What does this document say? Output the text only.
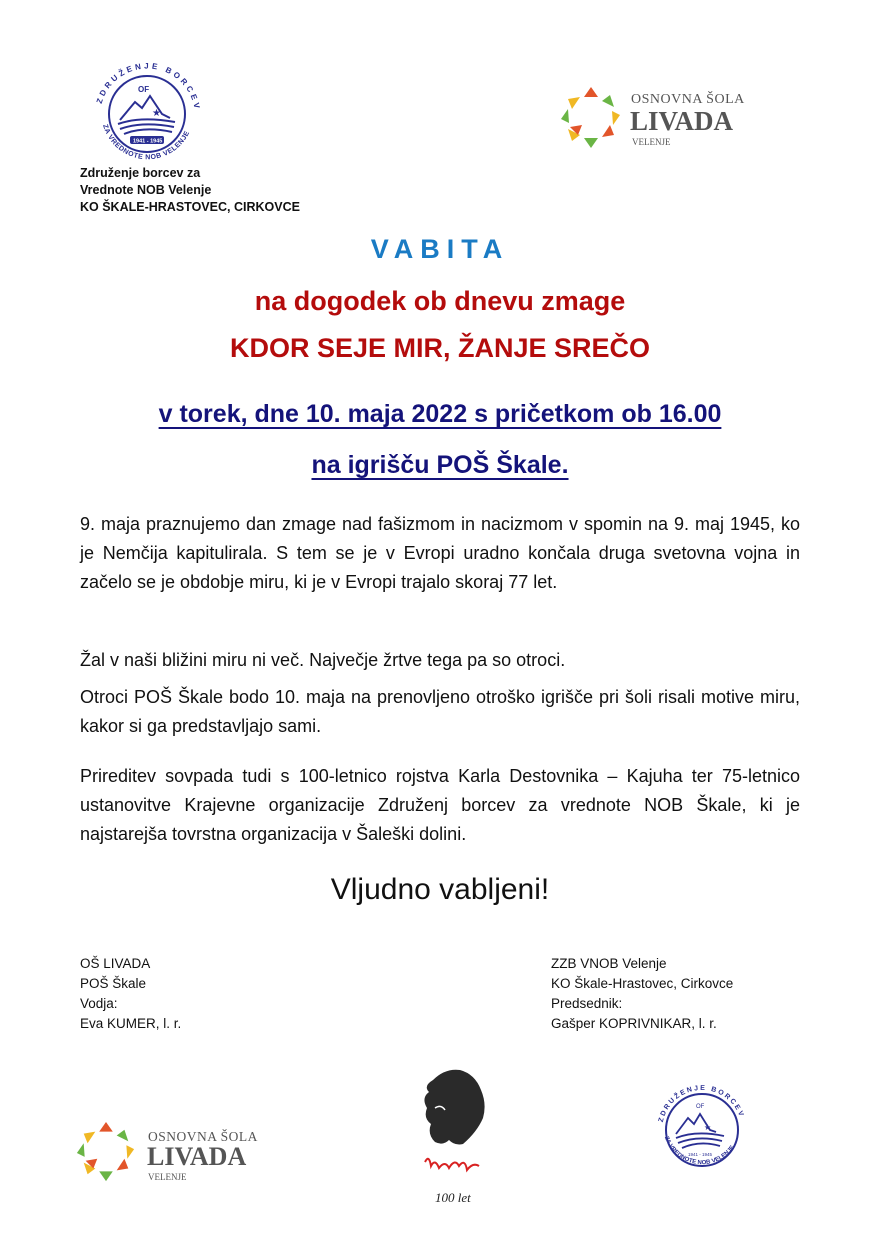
ZDRUŽENJE BORCEV
ZA VREDNOTE NOB VELENJE
OF
★
1941 - 1945
Združenje borcev za
Vrednote NOB Velenje
KO ŠKALE-HRASTOVEC, CIRKOVCE
OSNOVNA ŠOLA
LIVADA
VELENJE
VABITA
na dogodek ob dnevu zmage
KDOR SEJE MIR, ŽANJE SREČO
v torek, dne 10. maja 2022 s pričetkom ob 16.00
na igrišču POŠ Škale.
9. maja praznujemo dan zmage nad fašizmom in nacizmom v spomin na 9. maj 1945, ko je Nemčija kapitulirala. S tem se je v Evropi uradno končala druga svetovna vojna in začelo se je obdobje miru, ki je v Evropi trajalo skoraj 77 let.
Žal v naši bližini miru ni več. Največje žrtve tega pa so otroci.
Otroci POŠ Škale bodo 10. maja na prenovljeno otroško igrišče pri šoli risali motive miru, kakor si ga predstavljajo sami.
Prireditev sovpada tudi s 100-letnico rojstva Karla Destovnika – Kajuha ter 75-letnico ustanovitve Krajevne organizacije Združenj borcev za vrednote NOB Škale, ki je najstarejša tovrstna organizacija v Šaleški dolini.
Vljudno vabljeni!
OŠ LIVADA
POŠ Škale
Vodja:
Eva KUMER, l. r.
ZZB VNOB Velenje
KO Škale-Hrastovec, Cirkovce
Predsednik:
Gašper KOPRIVNIKAR, l. r.
OSNOVNA ŠOLA
LIVADA
VELENJE
100 let
ZDRUŽENJE BORCEV
ZA VREDNOTE NOB VELENJE
OF
★
1941 - 1945
